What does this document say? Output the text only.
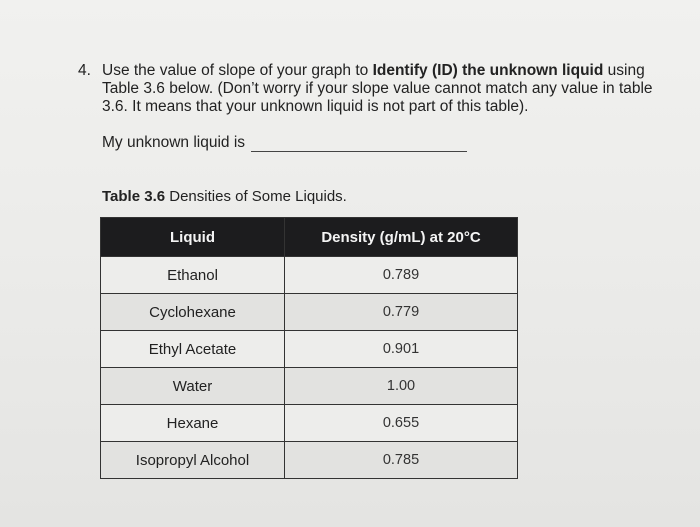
4. Use the value of slope of your graph to Identify (ID) the unknown liquid using Table 3.6 below. (Don’t worry if your slope value cannot match any value in table 3.6. It means that your unknown liquid is not part of this table).
My unknown liquid is
Table 3.6 Densities of Some Liquids.
Liquid	Density (g/mL) at 20°C
Ethanol	0.789
Cyclohexane	0.779
Ethyl Acetate	0.901
Water	1.00
Hexane	0.655
Isopropyl Alcohol	0.785
